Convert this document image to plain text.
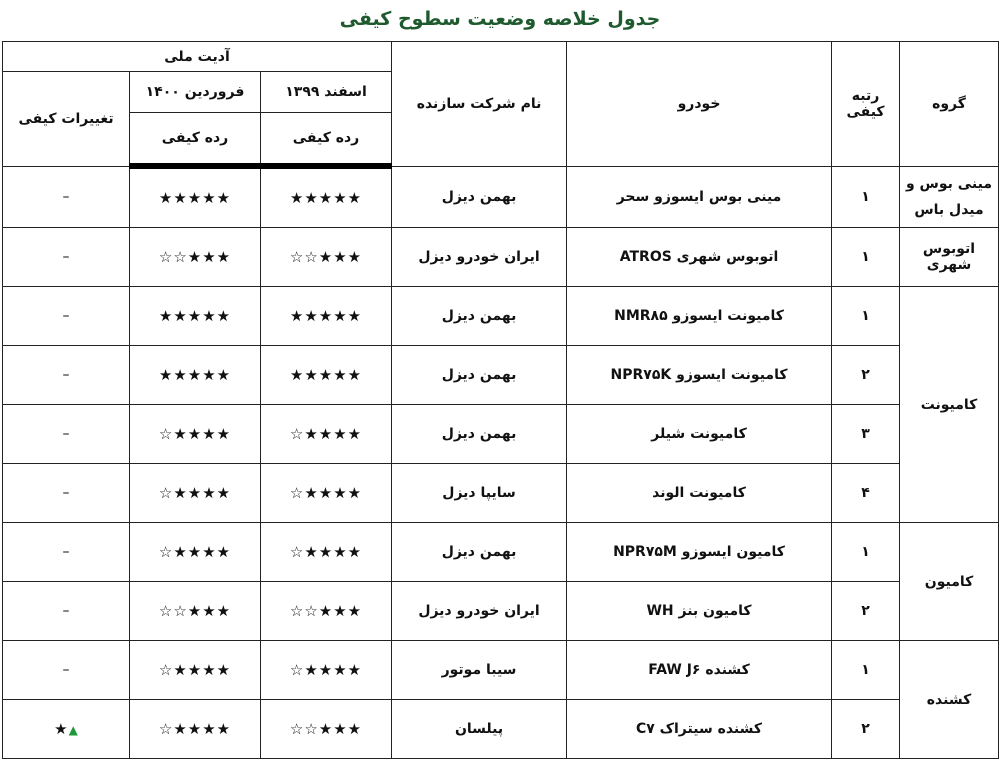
جدول خلاصه وضعیت سطوح کیفی
گروه	رتبه کیفی	خودرو	نام شرکت سازنده	آدیت ملی		
				اسفند ۱۳۹۹	فروردین ۱۴۰۰	تغییرات کیفی
				رده کیفی	رده کیفی	
مینی بوس و میدل باس	۱	مینی بوس ایسوزو سحر	بهمن دیزل	★★★★★	★★★★★	–
اتوبوس شهری	۱	اتوبوس شهری ATROS	ایران خودرو دیزل	★★★☆☆	★★★☆☆	–
کامیونت	۱	کامیونت ایسوزو NMR۸۵	بهمن دیزل	★★★★★	★★★★★	–
	۲	کامیونت ایسوزو NPR۷۵K	بهمن دیزل	★★★★★	★★★★★	–
	۳	کامیونت شیلر	بهمن دیزل	★★★★☆	★★★★☆	–
	۴	کامیونت الوند	سایپا دیزل	★★★★☆	★★★★☆	–
کامیون	۱	کامیون ایسوزو NPR۷۵M	بهمن دیزل	★★★★☆	★★★★☆	–
	۲	کامیون بنز WH	ایران خودرو دیزل	★★★☆☆	★★★☆☆	–
کشنده	۱	کشنده FAW J۶	سیبا موتور	★★★★☆	★★★★☆	–
	۲	کشنده سیتراک C۷	پیلسان	★★★☆☆	★★★★☆	▲★
